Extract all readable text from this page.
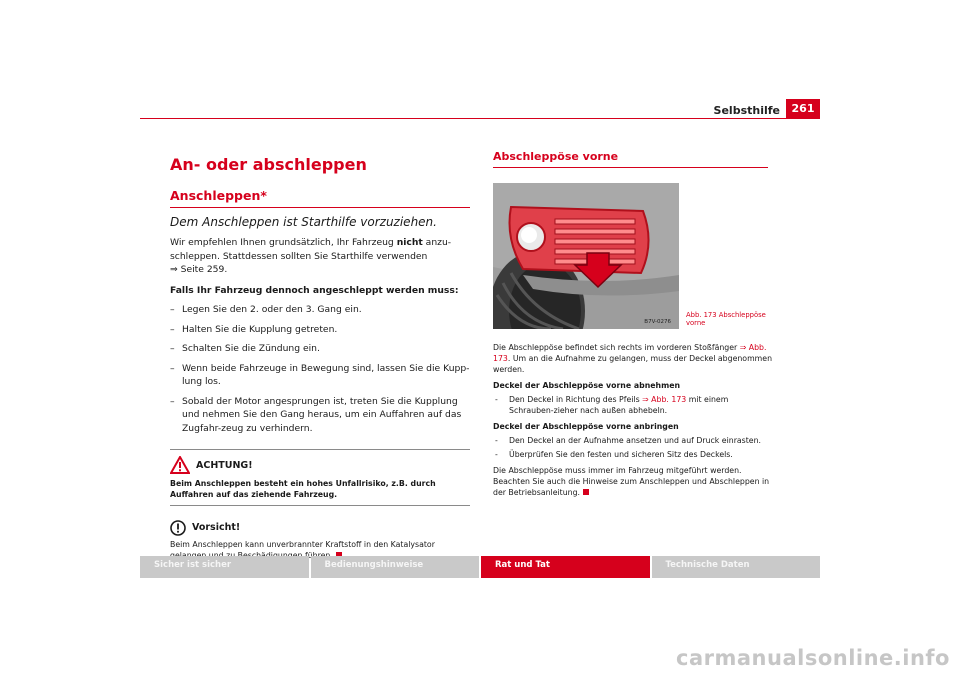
Selbsthilfe	261
An- oder abschleppen
Anschleppen*
Dem Anschleppen ist Starthilfe vorzuziehen.
Wir empfehlen Ihnen grundsätzlich, Ihr Fahrzeug nicht anzu-schleppen. Stattdessen sollten Sie Starthilfe verwenden
⇒ Seite 259.
Falls Ihr Fahrzeug dennoch angeschleppt werden muss:
– Legen Sie den 2. oder den 3. Gang ein.
– Halten Sie die Kupplung getreten.
– Schalten Sie die Zündung ein.
– Wenn beide Fahrzeuge in Bewegung sind, lassen Sie die Kupp-lung los.
– Sobald der Motor angesprungen ist, treten Sie die Kupplung und nehmen Sie den Gang heraus, um ein Auffahren auf das Zugfahr-zeug zu verhindern.
ACHTUNG!
Beim Anschleppen besteht ein hohes Unfallrisiko, z.B. durch Auffahren auf das ziehende Fahrzeug.
Vorsicht!
Beim Anschleppen kann unverbrannter Kraftstoff in den Katalysator
Abschleppöse vorne
B7V-0276
Abb. 173 Abschleppöse vorne
Die Abschleppöse befindet sich rechts im vorderen Stoßfänger ⇒ Abb. 173. Um an die Aufnahme zu gelangen, muss der Deckel abgenommen werden.
Deckel der Abschleppöse vorne abnehmen
- Den Deckel in Richtung des Pfeils ⇒ Abb. 173 mit einem Schrauben-zieher nach außen abhebeln.
Deckel der Abschleppöse vorne anbringen
- Den Deckel an der Aufnahme ansetzen und auf Druck einrasten.
- Überprüfen Sie den festen und sicheren Sitz des Deckels.
Die Abschleppöse muss immer im Fahrzeug mitgeführt werden. Beachten Sie auch die Hinweise zum Anschleppen und Abschleppen in der Betriebsanleitung.
Sicher ist sicher	Bedienungshinweise	Rat und Tat	Technische Daten
carmanualsonline.info
